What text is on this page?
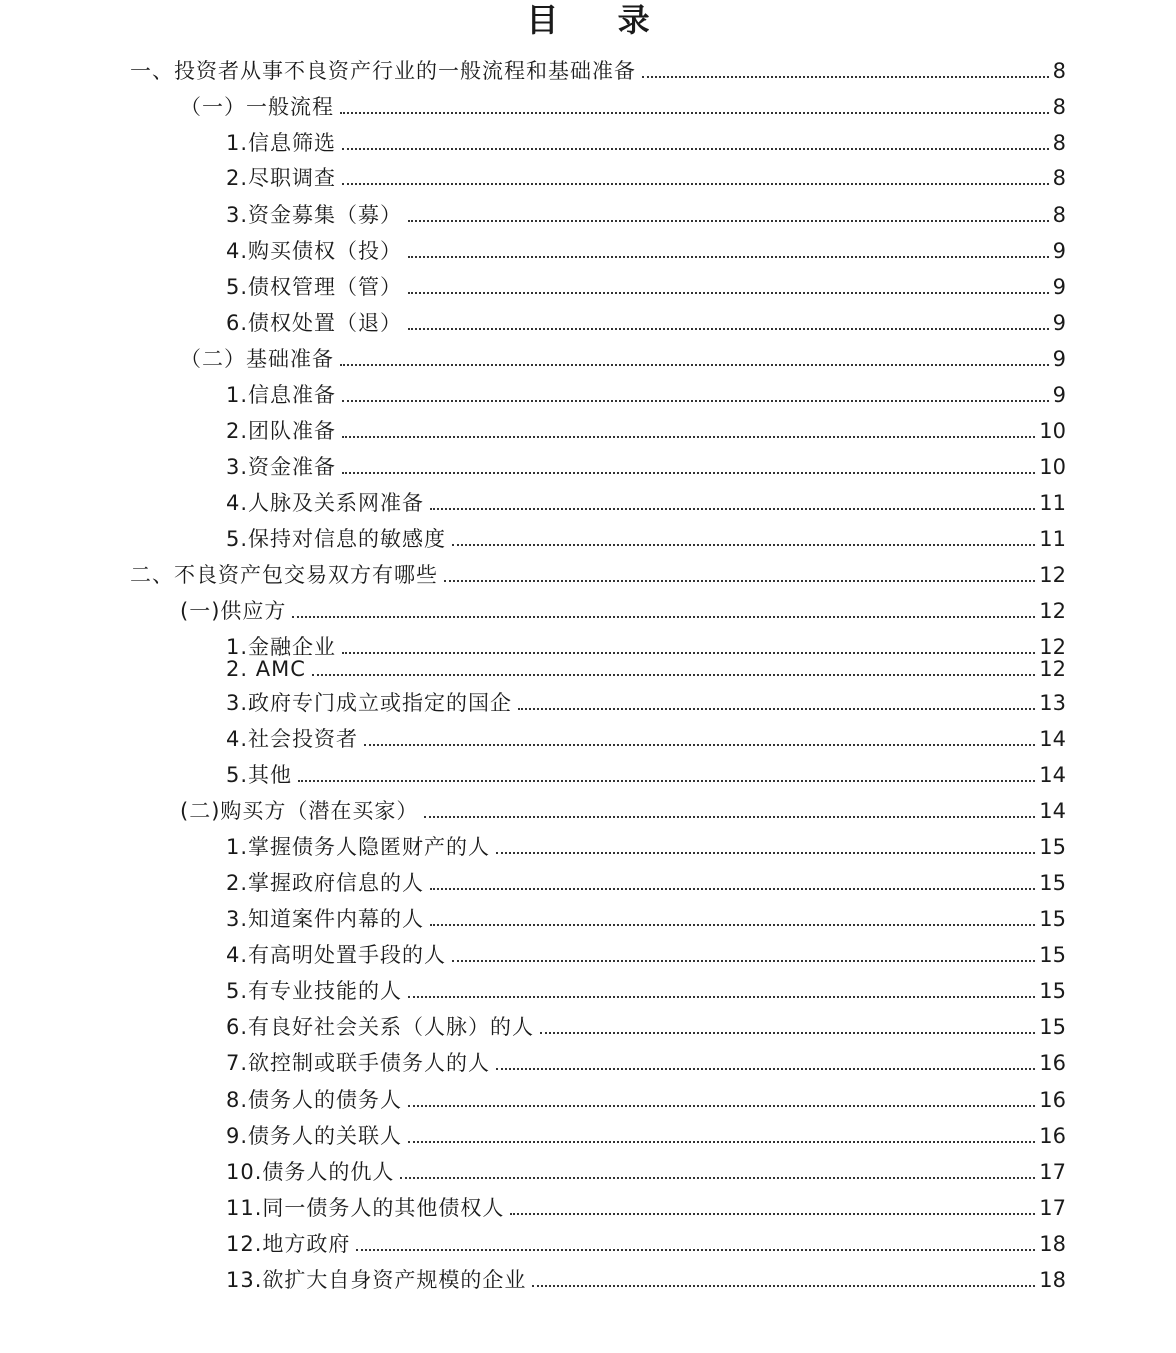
目 录
一、投资者从事不良资产行业的一般流程和基础准备	8
（一）一般流程	8
1.信息筛选	8
2.尽职调查	8
3.资金募集（募）	8
4.购买债权（投）	9
5.债权管理（管）	9
6.债权处置（退）	9
（二）基础准备	9
1.信息准备	9
2.团队准备	10
3.资金准备	10
4.人脉及关系网准备	11
5.保持对信息的敏感度	11
二、不良资产包交易双方有哪些	12
(一)供应方	12
1.金融企业	12
2. AMC	12
3.政府专门成立或指定的国企	13
4.社会投资者	14
5.其他	14
(二)购买方（潜在买家）	14
1.掌握债务人隐匿财产的人	15
2.掌握政府信息的人	15
3.知道案件内幕的人	15
4.有高明处置手段的人	15
5.有专业技能的人	15
6.有良好社会关系（人脉）的人	15
7.欲控制或联手债务人的人	16
8.债务人的债务人	16
9.债务人的关联人	16
10.债务人的仇人	17
11.同一债务人的其他债权人	17
12.地方政府	18
13.欲扩大自身资产规模的企业	18
